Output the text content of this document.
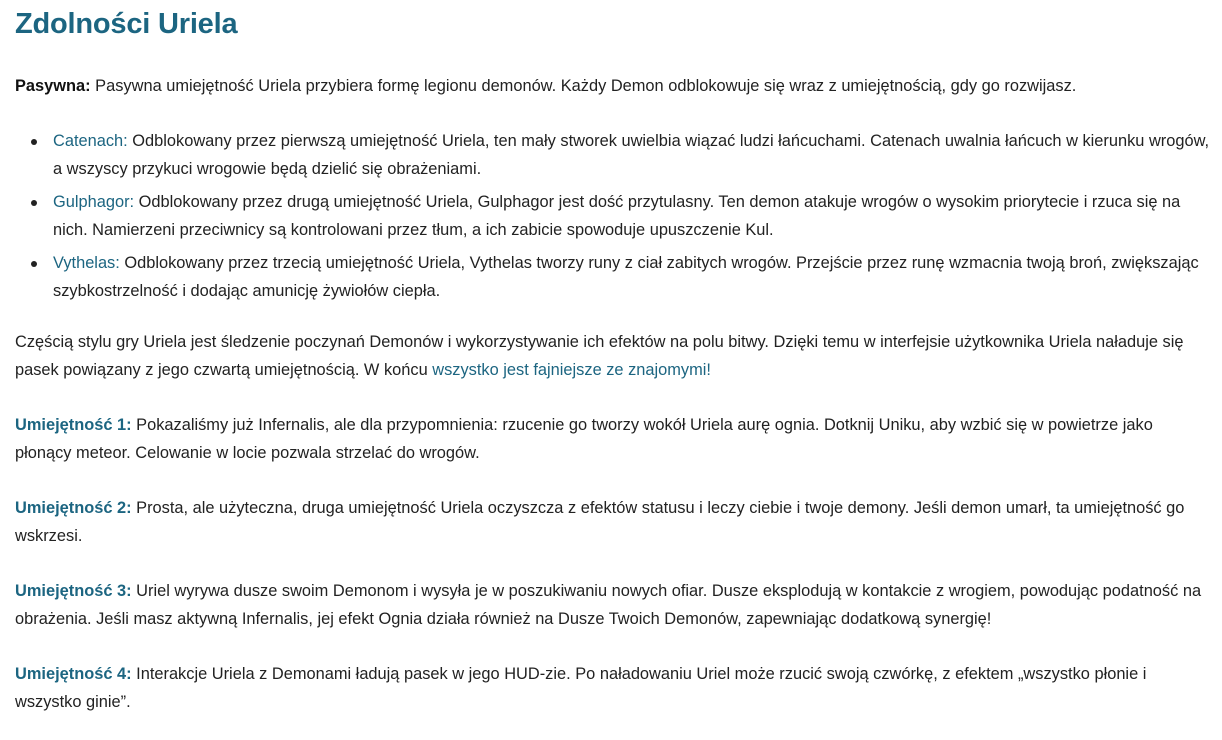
Zdolności Uriela

Pasywna: Pasywna umiejętność Uriela przybiera formę legionu demonów. Każdy Demon odblokowuje się wraz z umiejętnością, gdy go rozwijasz.

Catenach: Odblokowany przez pierwszą umiejętność Uriela, ten mały stworek uwielbia wiązać ludzi łańcuchami. Catenach uwalnia łańcuch w kierunku wrogów, a wszyscy przykuci wrogowie będą dzielić się obrażeniami.
Gulphagor: Odblokowany przez drugą umiejętność Uriela, Gulphagor jest dość przytulasny. Ten demon atakuje wrogów o wysokim priorytecie i rzuca się na nich. Namierzeni przeciwnicy są kontrolowani przez tłum, a ich zabicie spowoduje upuszczenie Kul.
Vythelas: Odblokowany przez trzecią umiejętność Uriela, Vythelas tworzy runy z ciał zabitych wrogów. Przejście przez runę wzmacnia twoją broń, zwiększając szybkostrzelność i dodając amunicję żywiołów ciepła.

Częścią stylu gry Uriela jest śledzenie poczynań Demonów i wykorzystywanie ich efektów na polu bitwy. Dzięki temu w interfejsie użytkownika Uriela naładuje się pasek powiązany z jego czwartą umiejętnością. W końcu wszystko jest fajniejsze ze znajomymi!

Umiejętność 1: Pokazaliśmy już Infernalis, ale dla przypomnienia: rzucenie go tworzy wokół Uriela aurę ognia. Dotknij Uniku, aby wzbić się w powietrze jako płonący meteor. Celowanie w locie pozwala strzelać do wrogów.

Umiejętność 2: Prosta, ale użyteczna, druga umiejętność Uriela oczyszcza z efektów statusu i leczy ciebie i twoje demony. Jeśli demon umarł, ta umiejętność go wskrzesi.

Umiejętność 3: Uriel wyrywa dusze swoim Demonom i wysyła je w poszukiwaniu nowych ofiar. Dusze eksplodują w kontakcie z wrogiem, powodując podatność na obrażenia. Jeśli masz aktywną Infernalis, jej efekt Ognia działa również na Dusze Twoich Demonów, zapewniając dodatkową synergię!

Umiejętność 4: Interakcje Uriela z Demonami ładują pasek w jego HUD-zie. Po naładowaniu Uriel może rzucić swoją czwórkę, z efektem „wszystko płonie i wszystko ginie”.
